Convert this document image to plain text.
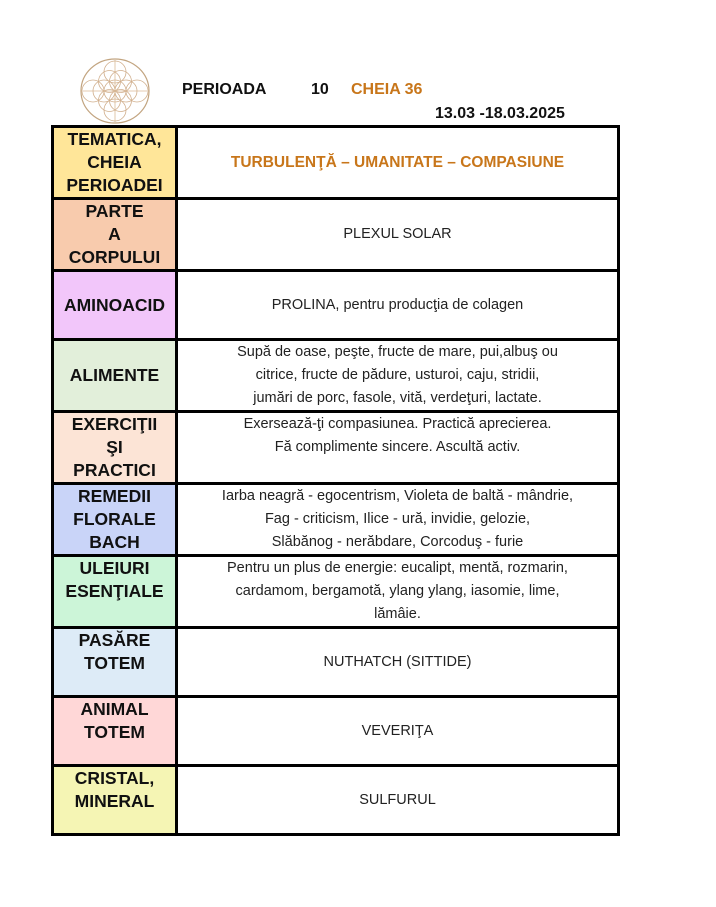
PERIOADA	10 CHEIA 36
13.03 -18.03.2025
TEMATICA,
CHEIA
PERIOADEI	TURBULENŢĂ – UMANITATE – COMPASIUNE

PARTE
A
CORPULUI	PLEXUL SOLAR

AMINOACID	PROLINA, pentru producţia de colagen

ALIMENTE	Supă de oase, peşte, fructe de mare, pui,albuş ou
citrice, fructe de pădure, usturoi, caju, stridii,
jumări de porc, fasole, vită, verdeţuri, lactate.

EXERCIŢII
ŞI
PRACTICI	Exersează-ţi compasiunea. Practică aprecierea.
Fă complimente sincere. Ascultă activ.

REMEDII
FLORALE
BACH	Iarba neagră - egocentrism, Violeta de baltă - mândrie,
Fag - criticism, Ilice - ură, invidie, gelozie,
Slăbănog - nerăbdare, Corcoduş - furie

ULEIURI
ESENŢIALE	Pentru un plus de energie: eucalipt, mentă, rozmarin,
cardamom, bergamotă, ylang ylang, iasomie, lime,
lămâie.

PASĂRE
TOTEM	NUTHATCH (SITTIDE)

ANIMAL
TOTEM	VEVERIŢA

CRISTAL,
MINERAL	SULFURUL
